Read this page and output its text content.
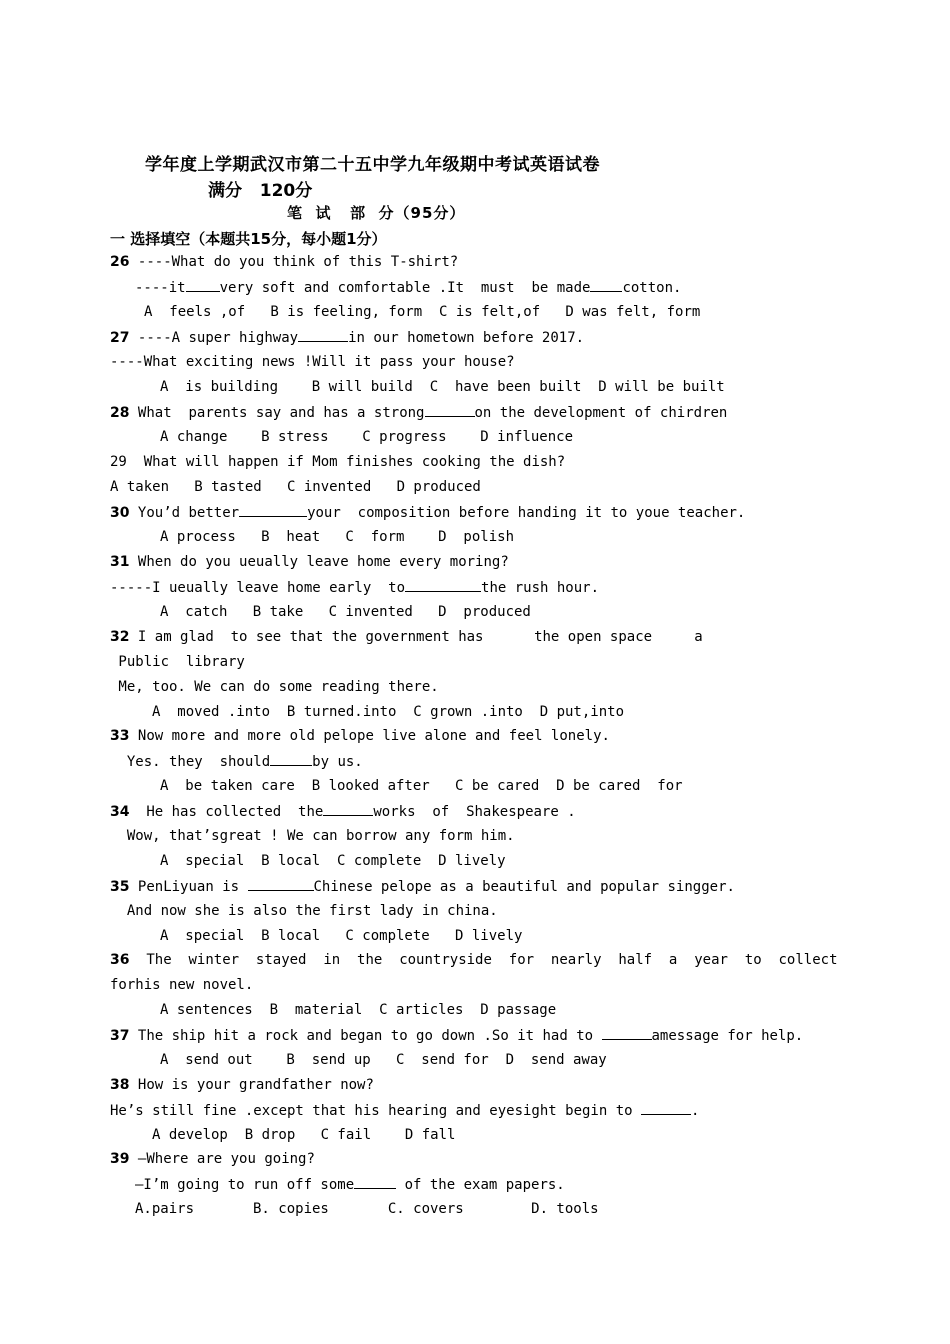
学年度上学期武汉市第二十五中学九年级期中考试英语试卷
满分   120分
笔  试   部  分（95分）
一 选择填空（本题共15分，每小题1分）
26 ----What do you think of this T-shirt?
----it very soft and comfortable .It  must  be made cotton.
A  feels ,of   B is feeling, form  C is felt,of   D was felt, form
27 ----A super highway	in our hometown before 2017.
----What exciting news !Will it pass your house?
A  is building    B will build  C  have been built  D will be built
28 What  parents say and has a strong	on the development of chirdren
A change    B stress    C progress    D influence
29  What will happen if Mom finishes cooking the dish?
A taken   B tasted   C invented   D produced
30 You’d better	your  composition before handing it to youe teacher.
A process   B  heat   C  form    D  polish
31 When do you ueually leave home every moring?
-----I ueually leave home early  to	the rush hour.
A  catch   B take   C invented   D  produced
32 I am glad  to see that the government has      the open space     a
Public  library
Me, too. We can do some reading there.
A  moved .into  B turned.into  C grown .into  D put,into
33 Now more and more old pelope live alone and feel lonely.
Yes. they  should	by us.
A  be taken care  B looked after   C be cared  D be cared  for
34  He has collected  the	works  of  Shakespeare .
Wow, that’sgreat ! We can borrow any form him.
A  special  B local  C complete  D lively
35 PenLiyuan is	Chinese pelope as a beautiful and popular singger.
And now she is also the first lady in china.
A  special  B local   C complete   D lively
36  The  winter  stayed  in  the  countryside  for  nearly  half  a  year  to  collect
forhis new novel.
A sentences  B  material  C articles  D passage
37 The ship hit a rock and began to go down .So it had to	amessage for help.
A  send out    B  send up   C  send for  D  send away
38 How is your grandfather now?
He’s still fine .except that his hearing and eyesight begin to	.
A develop  B drop   C fail    D fall
39 —Where are you going?
—I’m going to run off some	of the exam papers.
A.pairs       B. copies       C. covers        D. tools
